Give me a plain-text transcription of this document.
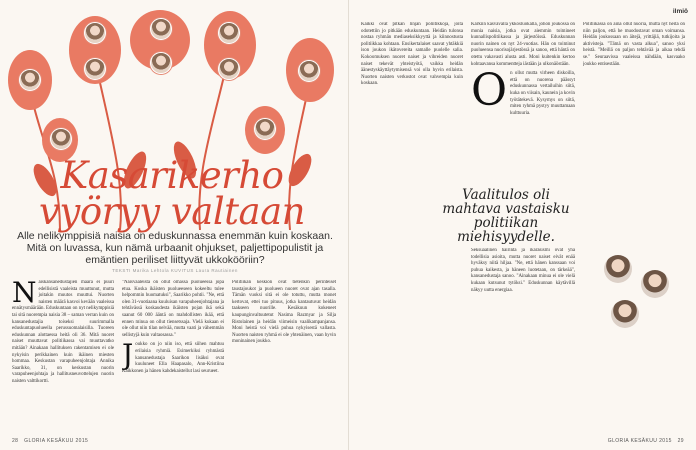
Kasarikerho
vyöryy valtaan
Alle nelikymppisiä naisia on eduskunnassa enemmän kuin koskaan. Mitä on luvassa, kun nämä urbaanit ohjukset, paljettipopulistit ja emäntien periliset liittyvät ukkokööriin?
TEKSTI Marika Lehtola KUVITUS Laura Rautiainen
N aiskansanedustajien määrä ei puuri edellisistä vaaleista muuttunut, mutta joitakin muutos muuttui. Nuorten naisten määrä kasvoi kevään vaaleissa ennätysmäärään. Eduskuntaan on nyt nelikymppisiä tai sitä nuorempia naisia 38 – saman verran kuin on kansanedustajia toiseksi suurimmalla eduskuntapuolueella perussuomalaisilla. Tuoreen eduskunnan alottaessa heitä oli 36. Mitä nuoret naiset muuttavat politiikassa vai muuttavatko mitään? Ainakaan hallituksen rakentamisen ei ole nykyisin perikkainen kuin ikäinen miesten hommaa. Keskustan varapuheenjohtaja Annika Saarikko, 31, on keskustan nuorin varapuheenjohtaja ja hallitusneuvottelujen nuorin naisten valttikortti.

"Naisvaaleista on ollut omassa puolueessa jopa etua. Koska ikäisten puolueeseen kokeeltu tulee helpommin huomatuksi", Saarikko pohtii. "Ne, että olen 31-vuotiaana kuuluisan varapuheenjohtajana ja tehtävässä koskaudesta ikäisten pojan ikä sekä saanut 60 000 ääntä on mahdollisten ikää, että ennen minua on ollut tiensetssaja. Vielä kukaan ei ole ollut niin tilan nelvää, mutta vaati ja vähemmän sellistyjä kuin valtaosassa."

J oukko on jo niin iso, että siihen mahtuu erilaisia ryhmiä. Esimerkiksi ryhmästä kansanedustaja Saarikon lisäksi ovat kuuluneet Ella Haapasalo, Ann-Kristiina Kaikkonen ja hänen kahdekaistellut lasi seurueet.

Politiikan keskiön ovat tietenkin perinteiset taustajoukot ja puolueen nuoret ovat ajan tasalla. Tämän vuoksi sitä ei ole totuttu, mutta monet kertovat, ettei tuo pituus, jotka kantautuvat heidän taakseen nuorille. Kesäkuun kokeneet kaupunginvaltuutetut Nasima Razmyar ja Silja Ristolainen ja heidän viimeisin vaalikampanjansa. Moni heistä voi vielä puhua nykyisestä vallasta. Nuorten naisten ryhmä ei ole yhtenäinen, vaan hyvin moninainen joukko.
28 GLORIA KESÄKUU 2015
ilmiö
Kaikki ovat pitkän linjan poliitikkoja, joita odotettiin jo pitkään eduskuntaan. Heidän tulonsa nostaa ryhmän mediaseksikkyyttä ja kiinnostusta politiikkaa kohtaan. Ensikertalaiset saavat yhtäkkiä ison joukon ikätovereita samalle puolelle salia. Kokoomuksen nuoret naiset ja vihreiden nuoret naiset tekevät yhteistyötä, vaikka heidän äänestyskäyttäytymisensä voi olla hyvin erilaista. Nuorten naisten verkostot ovat vahvempia kuin koskaan.

Kärkiin kasvavalla ykkösluokalla, johon joukossa on monia naisia, jotka ovat aiemmin toimineet kunnallispolitiikassa ja järjestöissä. Eduskunnan nuorin nainen on nyt 24-vuotias. Hän on toiminut puolueensa nuorisojärjestössä ja sanoo, että häntä on otettu vakavasti alusta asti. Moni kuitenkin kertoo kohtaavansa kommentteja iästään ja ulkonäöstään.

O n ollut mutta virheen diskoilla, että on nuorena päässyt eduskunnassa vertailuihin siitä, kuka on viisain, kaunein ja kovin työtätekevä. Kysymys on siitä, miten ryhmä pystyy muuttamaan kulttuuria.

Vaalitulos oli mahtava vastaisku politiikan miehisyydelle.
Seksuaalinen häirintä ja ikärasismi ovat yhä todellisia asioita, mutta nuoret naiset eivät enää hyväksy niitä hiljaa. "Ne, että hänen kanssaan voi puhua kaikesta, ja häneen luotetaan, on tärkeää", kansanedustaja sanoo. "Ainakaan minua ei ole vielä kukaan kutsunut tytöksi." Eduskunnan käytävillä näkyy uutta energiaa.
Politiikassa on aina ollut nuoria, mutta nyt heitä on niin paljon, että he muodostavat oman voimansa. Heidän joukossaan on äitejä, yrittäjiä, tutkijoita ja aktivisteja. "Tämä on vasta alkua", sanoo yksi heistä. "Meillä on paljon tehtävää ja aikaa tehdä se." Seuraavissa vaaleissa nähdään, kasvaako joukko entisestään.
GLORIA KESÄKUU 2015 29
